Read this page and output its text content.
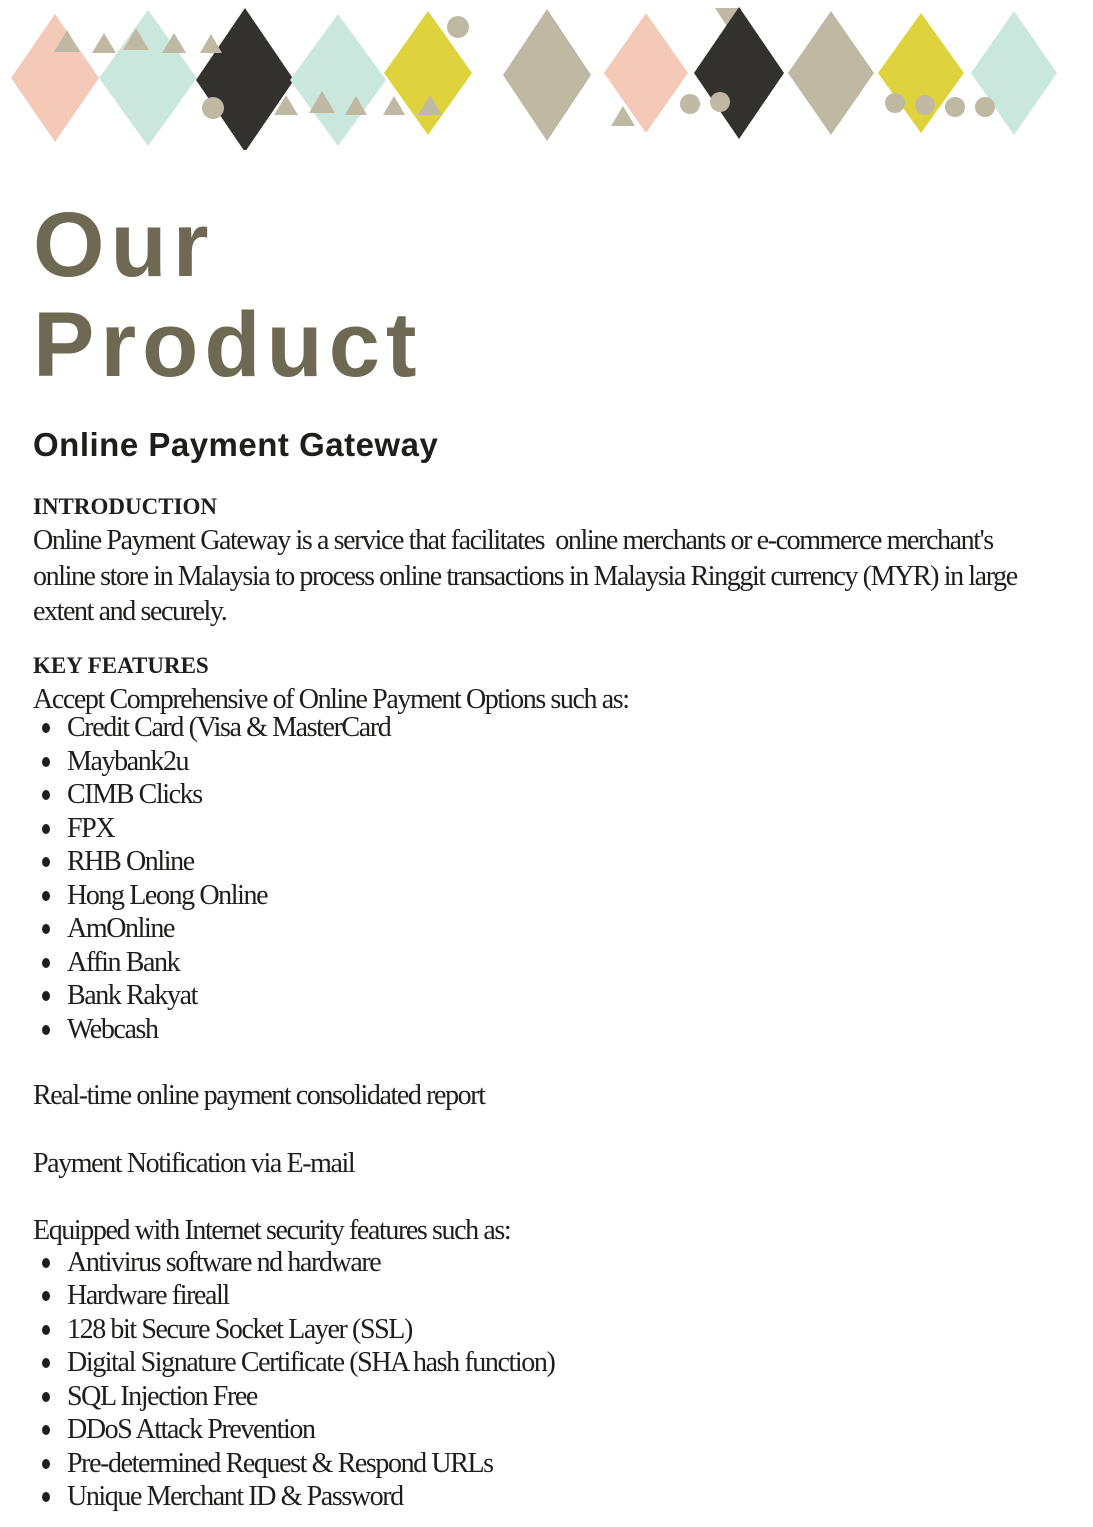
Our
Product
Online Payment Gateway
INTRODUCTION

Online Payment Gateway is a service that facilitates  online merchants or e-commerce merchant's online store in Malaysia to process online transactions in Malaysia Ringgit currency (MYR) in large extent and securely.

KEY FEATURES

Accept Comprehensive of Online Payment Options such as:

Credit Card (Visa & MasterCard
Maybank2u
CIMB Clicks
FPX
RHB Online
Hong Leong Online
AmOnline
Affin Bank
Bank Rakyat
Webcash

Real-time online payment consolidated report

Payment Notification via E-mail

Equipped with Internet security features such as:

Antivirus software nd hardware
Hardware fireall
128 bit Secure Socket Layer (SSL)
Digital Signature Certificate (SHA hash function)
SQL Injection Free
DDoS Attack Prevention
Pre-determined Request & Respond URLs
Unique Merchant ID & Password
